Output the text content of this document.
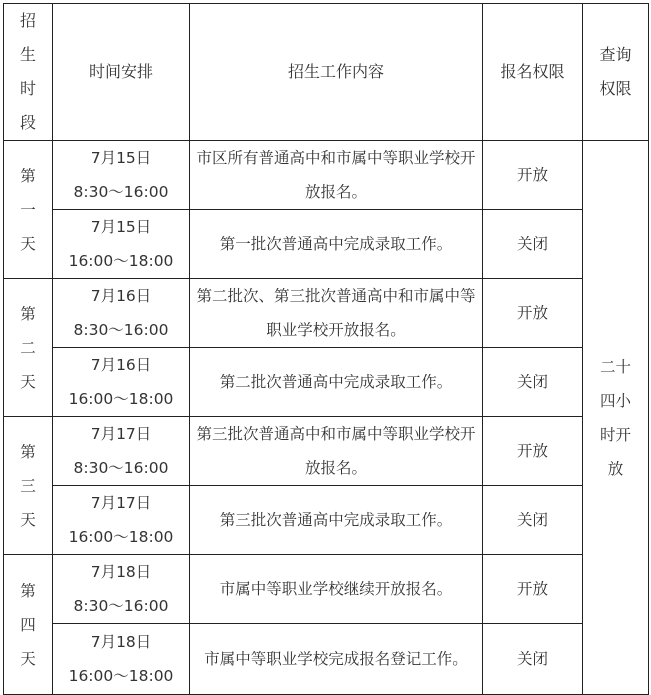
招
生
时
段	时间安排	招生工作内容	报名权限	查询
权限

第
一
天	7月15日
8:30～16:00	市区所有普通高中和市属中等职业学校开放报名。	开放	二十
四小
时开
放

	7月15日
16:00～18:00	第一批次普通高中完成录取工作。	关闭	

第
二
天	7月16日
8:30～16:00	第二批次、第三批次普通高中和市属中等职业学校开放报名。	开放	

	7月16日
16:00～18:00	第二批次普通高中完成录取工作。	关闭	

第
三
天	7月17日
8:30～16:00	第三批次普通高中和市属中等职业学校开放报名。	开放	

	7月17日
16:00～18:00	第三批次普通高中完成录取工作。	关闭	

第
四
天	7月18日
8:30～16:00	市属中等职业学校继续开放报名。	开放	

	7月18日
16:00～18:00	市属中等职业学校完成报名登记工作。	关闭	
